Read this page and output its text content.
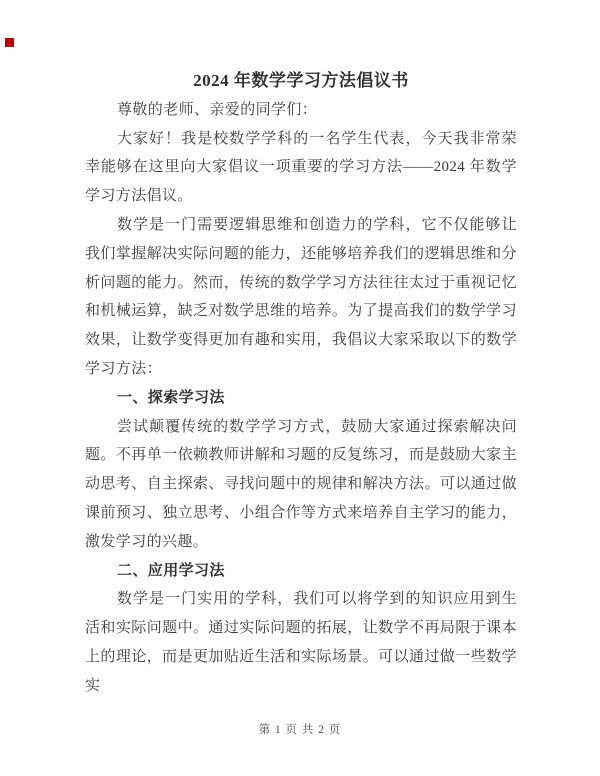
2024 年数学学习方法倡议书

尊敬的老师、亲爱的同学们：

大家好！我是校数学学科的一名学生代表，今天我非常荣幸能够在这里向大家倡议一项重要的学习方法——2024 年数学学习方法倡议。

数学是一门需要逻辑思维和创造力的学科，它不仅能够让我们掌握解决实际问题的能力，还能够培养我们的逻辑思维和分析问题的能力。然而，传统的数学学习方法往往太过于重视记忆和机械运算，缺乏对数学思维的培养。为了提高我们的数学学习效果，让数学变得更加有趣和实用，我倡议大家采取以下的数学学习方法：

一、探索学习法

尝试颠覆传统的数学学习方式，鼓励大家通过探索解决问题。不再单一依赖教师讲解和习题的反复练习，而是鼓励大家主动思考、自主探索、寻找问题中的规律和解决方法。可以通过做课前预习、独立思考、小组合作等方式来培养自主学习的能力，激发学习的兴趣。

二、应用学习法

数学是一门实用的学科，我们可以将学到的知识应用到生活和实际问题中。通过实际问题的拓展，让数学不再局限于课本上的理论，而是更加贴近生活和实际场景。可以通过做一些数学实

第 1 页 共 2 页
